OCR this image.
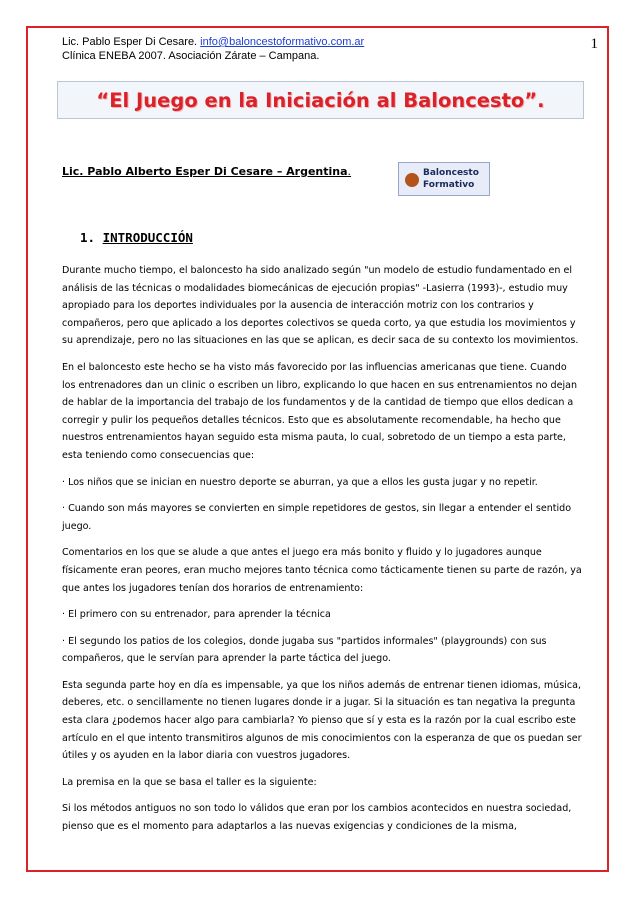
Lic. Pablo Esper Di Cesare. info@baloncestoformativo.com.ar
Clínica ENEBA 2007. Asociación Zárate – Campana.
1
“El Juego en la Iniciación al Baloncesto”.
Lic. Pablo Alberto Esper Di Cesare – Argentina.	Baloncesto
Formativo
1. INTRODUCCIÓN

Durante mucho tiempo, el baloncesto ha sido analizado según "un modelo de estudio fundamentado en el análisis de las técnicas o modalidades biomecánicas de ejecución propias" -Lasierra (1993)-, estudio muy apropiado para los deportes individuales por la ausencia de interacción motriz con los contrarios y compañeros, pero que aplicado a los deportes colectivos se queda corto, ya que estudia los movimientos y su aprendizaje, pero no las situaciones en las que se aplican, es decir saca de su contexto los movimientos.

En el baloncesto este hecho se ha visto más favorecido por las influencias americanas que tiene. Cuando los entrenadores dan un clinic o escriben un libro, explicando lo que hacen en sus entrenamientos no dejan de hablar de la importancia del trabajo de los fundamentos y de la cantidad de tiempo que ellos dedican a corregir y pulir los pequeños detalles técnicos. Esto que es absolutamente recomendable, ha hecho que nuestros entrenamientos hayan seguido esta misma pauta, lo cual, sobretodo de un tiempo a esta parte, esta teniendo como consecuencias que:

· Los niños que se inician en nuestro deporte se aburran, ya que a ellos les gusta jugar y no repetir.

· Cuando son más mayores se convierten en simple repetidores de gestos, sin llegar a entender el sentido juego.

Comentarios en los que se alude a que antes el juego era más bonito y fluido y lo jugadores aunque físicamente eran peores, eran mucho mejores tanto técnica como tácticamente tienen su parte de razón, ya que antes los jugadores tenían dos horarios de entrenamiento:

· El primero con su entrenador, para aprender la técnica

· El segundo los patios de los colegios, donde jugaba sus "partidos informales" (playgrounds) con sus compañeros, que le servían para aprender la parte táctica del juego.

Esta segunda parte hoy en día es impensable, ya que los niños además de entrenar tienen idiomas, música, deberes, etc. o sencillamente no tienen lugares donde ir a jugar. Si la situación es tan negativa la pregunta esta clara ¿podemos hacer algo para cambiarla? Yo pienso que sí y esta es la razón por la cual escribo este artículo en el que intento transmitiros algunos de mis conocimientos con la esperanza de que os puedan ser útiles y os ayuden en la labor diaria con vuestros jugadores.

La premisa en la que se basa el taller es la siguiente:

Si los métodos antiguos no son todo lo válidos que eran por los cambios acontecidos en nuestra sociedad, pienso que es el momento para adaptarlos a las nuevas exigencias y condiciones de la misma,
